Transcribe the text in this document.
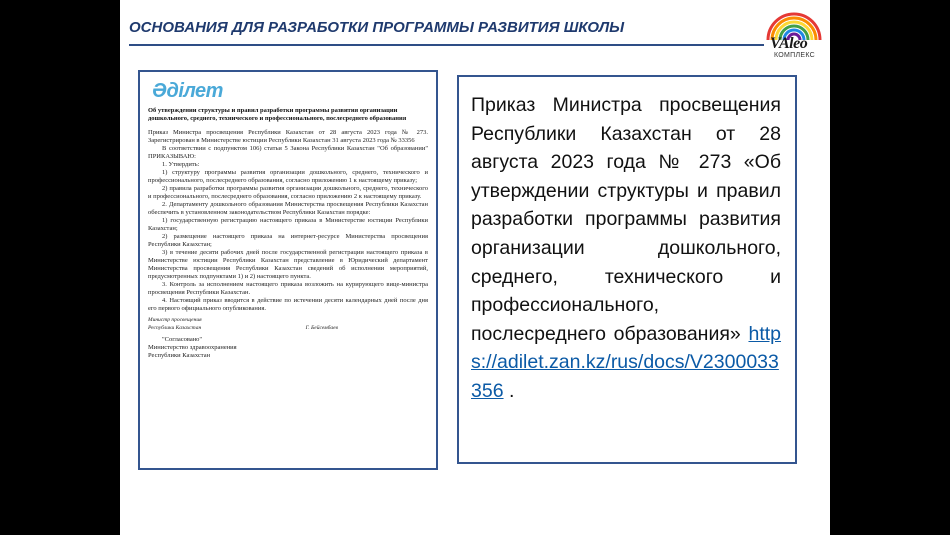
ОСНОВАНИЯ ДЛЯ РАЗРАБОТКИ ПРОГРАММЫ РАЗВИТИЯ ШКОЛЫ
VAleo
КОМПЛЕКС
Әділет
Об утверждении структуры и правил разработки программы развития организации дошкольного, среднего, технического и профессионального, послесреднего образования

Приказ Министра просвещения Республики Казахстан от 28 августа 2023 года № 273. Зарегистрирован в Министерстве юстиции Республики Казахстан 31 августа 2023 года № 33356

В соответствии с подпунктом 106) статьи 5 Закона Республики Казахстан "Об образовании" ПРИКАЗЫВАЮ:

1. Утвердить:

1) структуру программы развития организации дошкольного, среднего, технического и профессионального, послесреднего образования, согласно приложению 1 к настоящему приказу;

2) правила разработки программы развития организации дошкольного, среднего, технического и профессионального, послесреднего образования, согласно приложению 2 к настоящему приказу.

2. Департаменту дошкольного образования Министерства просвещения Республики Казахстан обеспечить в установленном законодательством Республики Казахстан порядке:

1) государственную регистрацию настоящего приказа в Министерстве юстиции Республики Казахстан;

2) размещение настоящего приказа на интернет-ресурсе Министерства просвещения Республики Казахстан;

3) в течение десяти рабочих дней после государственной регистрации настоящего приказа в Министерстве юстиции Республики Казахстан представление в Юридический департамент Министерства просвещения Республики Казахстан сведений об исполнении мероприятий, предусмотренных подпунктами 1) и 2) настоящего пункта.

3. Контроль за исполнением настоящего приказа возложить на курирующего вице-министра просвещения Республики Казахстан.

4. Настоящий приказ вводится в действие по истечении десяти календарных дней после дня его первого официального опубликования.

Министр просвещения
Республики Казахстан	Г. Бейсембаев

"Согласовано"

Министерство здравоохранения

Республики Казахстан

Приказ Министра просвещения Республики Казахстан от 28 августа 2023 года № 273 «Об утверждении структуры и правил разработки программы развития организации дошкольного, среднего, технического и профессионального, послесреднего образования» https://adilet.zan.kz/rus/docs/V2300033356 .
